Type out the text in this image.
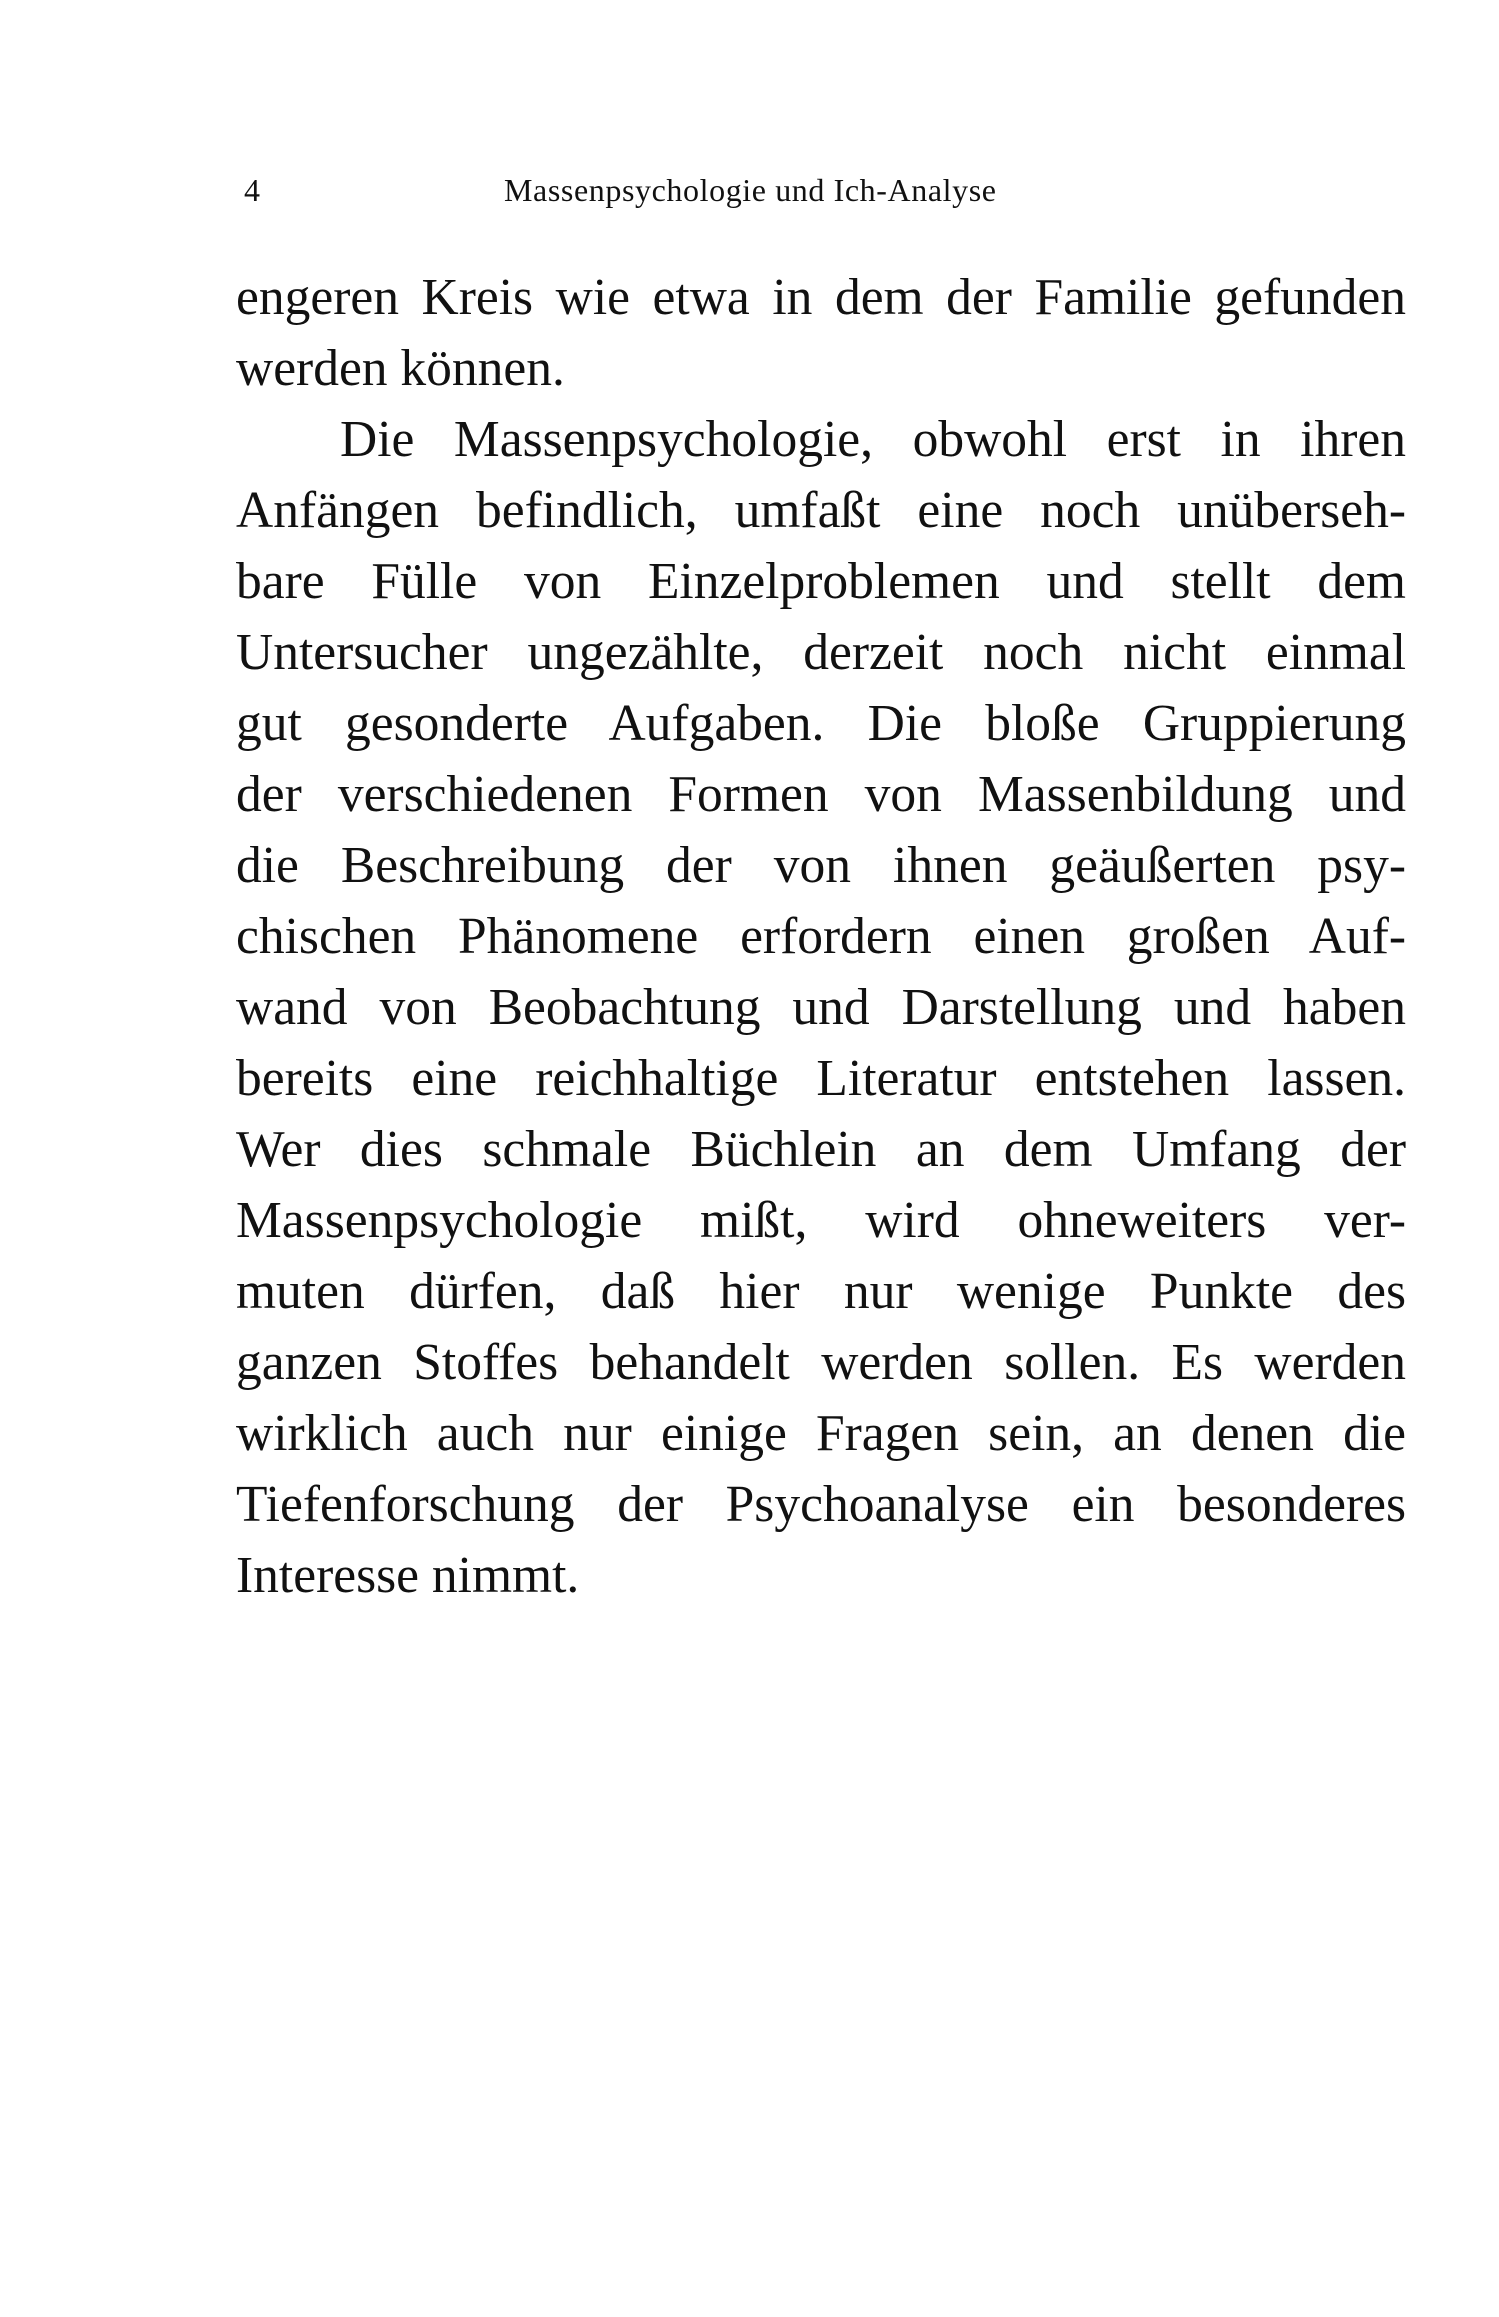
4	Massenpsychologie und Ich-Analyse
engeren Kreis wie etwa in dem der Familie gefunden
werden können.
Die Massenpsychologie, obwohl erst in ihren
Anfängen befindlich, umfaßt eine noch unüberseh-
bare Fülle von Einzelproblemen und stellt dem
Untersucher ungezählte, derzeit noch nicht einmal
gut gesonderte Aufgaben. Die bloße Gruppierung
der verschiedenen Formen von Massenbildung und
die Beschreibung der von ihnen geäußerten psy-
chischen Phänomene erfordern einen großen Auf-
wand von Beobachtung und Darstellung und haben
bereits eine reichhaltige Literatur entstehen lassen.
Wer dies schmale Büchlein an dem Umfang der
Massenpsychologie mißt, wird ohneweiters ver-
muten dürfen, daß hier nur wenige Punkte des
ganzen Stoffes behandelt werden sollen. Es werden
wirklich auch nur einige Fragen sein, an denen die
Tiefenforschung der Psychoanalyse ein besonderes
Interesse nimmt.
